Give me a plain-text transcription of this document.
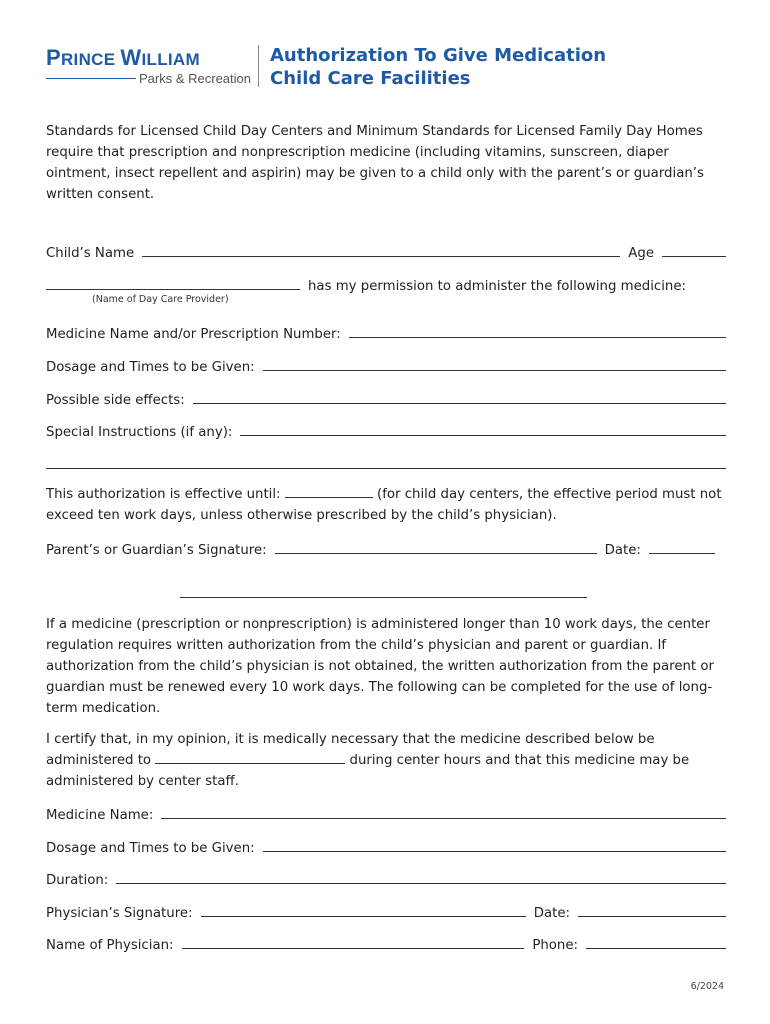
PRINCE WILLIAM
Parks & Recreation
Authorization To Give Medication
Child Care Facilities
Standards for Licensed Child Day Centers and Minimum Standards for Licensed Family Day Homes require that prescription and nonprescription medicine (including vitamins, sunscreen, diaper ointment, insect repellent and aspirin) may be given to a child only with the parent’s or guardian’s written consent.
Child’s Name	Age
has my permission to administer the following medicine:
(Name of Day Care Provider)
Medicine Name and/or Prescription Number:
Dosage and Times to be Given:
Possible side effects:
Special Instructions (if any):
This authorization is effective until:	(for child day centers, the effective period must not exceed ten work days, unless otherwise prescribed by the child’s physician).
Parent’s or Guardian’s Signature:	Date:
If a medicine (prescription or nonprescription) is administered longer than 10 work days, the center regulation requires written authorization from the child’s physician and parent or guardian. If authorization from the child’s physician is not obtained, the written authorization from the parent or guardian must be renewed every 10 work days. The following can be completed for the use of long-term medication.
I certify that, in my opinion, it is medically necessary that the medicine described below be administered to	during center hours and that this medicine may be administered by center staff.
Medicine Name:
Dosage and Times to be Given:
Duration:
Physician’s Signature:	Date:
Name of Physician:	Phone:
6/2024
